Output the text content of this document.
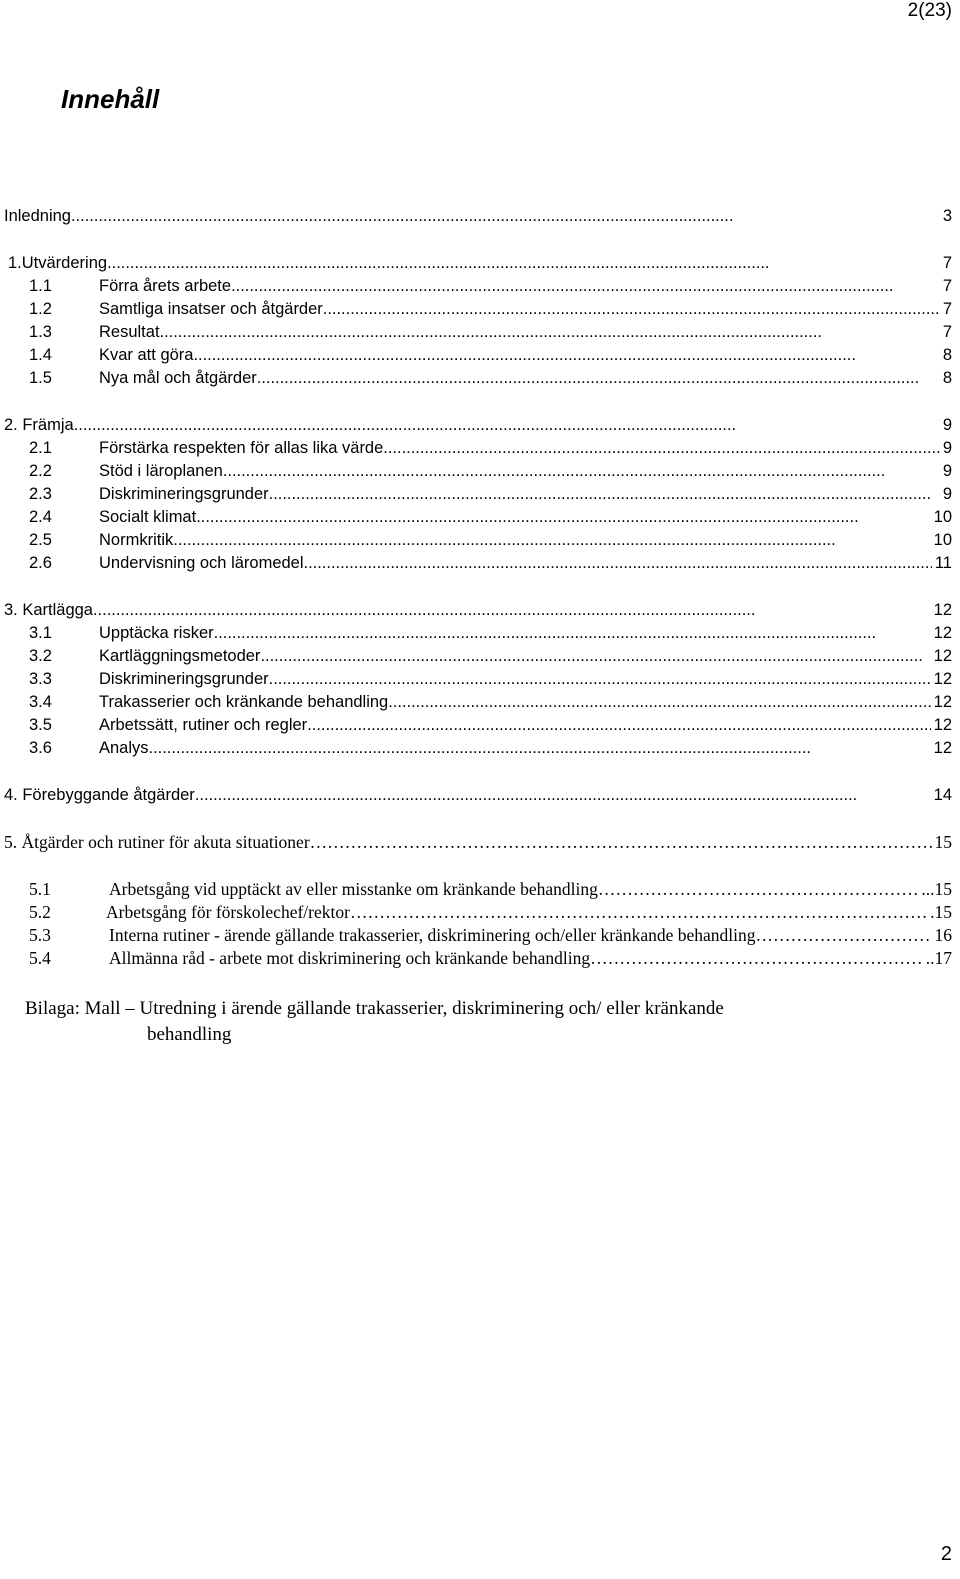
2(23)
Innehåll
Inledning . . .	3
1.Utvärdering . . .	7
1.1	Förra årets arbete . . .	7
1.2	Samtliga insatser och åtgärder . . .	7
1.3	Resultat . . .	7
1.4	Kvar att göra . . .	8
1.5	Nya mål och åtgärder . . .	8
2. Främja . . .	9
2.1	Förstärka respekten för allas lika värde . . .	9
2.2	Stöd i läroplanen . . .	9
2.3	Diskrimineringsgrunder . . .	9
2.4	Socialt klimat . . .	10
2.5	Normkritik . . .	10
2.6	Undervisning och läromedel . . .	11
3. Kartlägga . . .	12
3.1	Upptäcka risker . . .	12
3.2	Kartläggningsmetoder . . .	12
3.3	Diskrimineringsgrunder . . .	12
3.4	Trakasserier och kränkande behandling . . .	12
3.5	Arbetssätt, rutiner och regler . . .	12
3.6	Analys . . .	12
4. Förebyggande åtgärder . . .	14
5. Åtgärder och rutiner för akuta situationer ……………………………………………………………………………………………………………………………………………………………	15
5.1	Arbetsgång vid upptäckt av eller misstanke om kränkande behandling ……………………………………………………………………………………………………………………………………………………………	...15
5.2	Arbetsgång för förskolechef/rektor ……………………………………………………………………………………………………………………………………………………………	.15
5.3	Interna rutiner - ärende gällande trakasserier, diskriminering och/eller kränkande behandling ……………………………………………………………………………………………………………………………………………………………	16
5.4	Allmänna råd - arbete mot diskriminering och kränkande behandling ……………………………………………………………………………………………………………………………………………………………	..17
Bilaga: Mall – Utredning i ärende gällande trakasserier, diskriminering och/ eller kränkande
behandling
2
